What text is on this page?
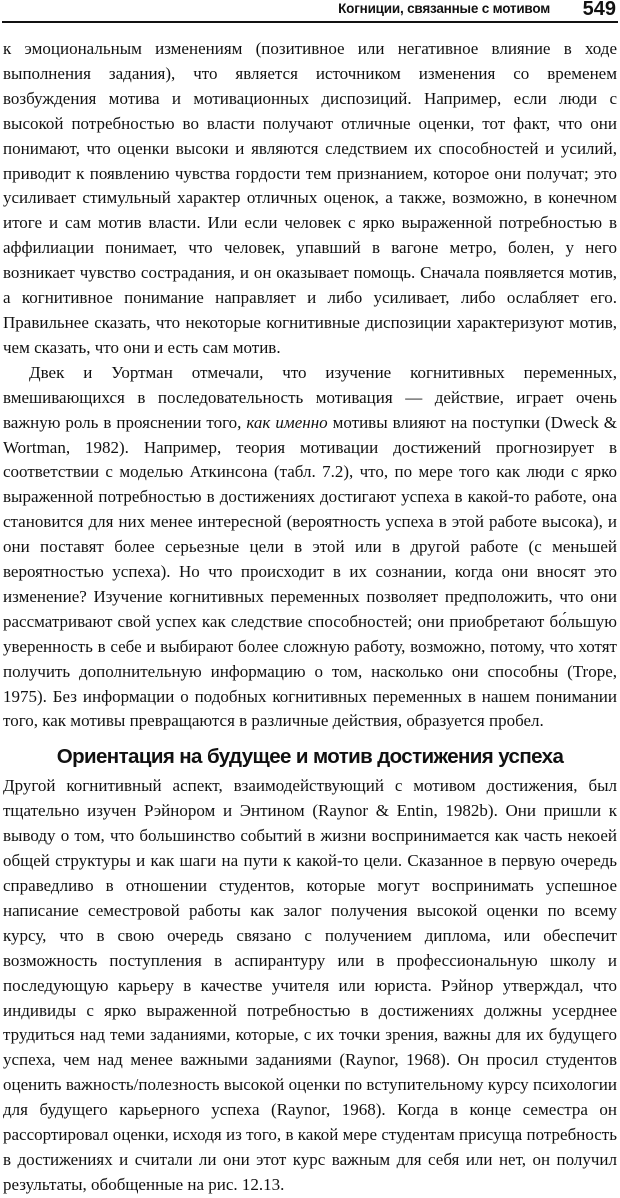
Когниции, связанные с мотивом 549

к эмоциональным изменениям (позитивное или негативное влияние в ходе выполнения задания), что является источником изменения со временем возбуждения мотива и мотивационных диспозиций. Например, если люди с высокой потребностью во власти получают отличные оценки, тот факт, что они понимают, что оценки высоки и являются следствием их способностей и усилий, приводит к появлению чувства гордости тем признанием, которое они получат; это усиливает стимульный характер отличных оценок, а также, возможно, в конечном итоге и сам мотив власти. Или если человек с ярко выраженной потребностью в аффилиации понимает, что человек, упавший в вагоне метро, болен, у него возникает чувство сострадания, и он оказывает помощь. Сначала появляется мотив, а когнитивное понимание направляет и либо усиливает, либо ослабляет его. Правильнее сказать, что некоторые когнитивные диспозиции характеризуют мотив, чем сказать, что они и есть сам мотив.

Двек и Уортман отмечали, что изучение когнитивных переменных, вмешивающихся в последовательность мотивация — действие, играет очень важную роль в прояснении того, как именно мотивы влияют на поступки (Dweck & Wortman, 1982). Например, теория мотивации достижений прогнозирует в соответствии с моделью Аткинсона (табл. 7.2), что, по мере того как люди с ярко выраженной потребностью в достижениях достигают успеха в какой-то работе, она становится для них менее интересной (вероятность успеха в этой работе высока), и они поставят более серьезные цели в этой или в другой работе (с меньшей вероятностью успеха). Но что происходит в их сознании, когда они вносят это изменение? Изучение когнитивных переменных позволяет предположить, что они рассматривают свой успех как следствие способностей; они приобретают бо́льшую уверенность в себе и выбирают более сложную работу, возможно, потому, что хотят получить дополнительную информацию о том, насколько они способны (Trope, 1975). Без информации о подобных когнитивных переменных в нашем понимании того, как мотивы превращаются в различные действия, образуется пробел.

Ориентация на будущее и мотив достижения успеха

Другой когнитивный аспект, взаимодействующий с мотивом достижения, был тщательно изучен Рэйнором и Энтином (Raynor & Entin, 1982b). Они пришли к выводу о том, что большинство событий в жизни воспринимается как часть некоей общей структуры и как шаги на пути к какой-то цели. Сказанное в первую очередь справедливо в отношении студентов, которые могут воспринимать успешное написание семестровой работы как залог получения высокой оценки по всему курсу, что в свою очередь связано с получением диплома, или обеспечит возможность поступления в аспирантуру или в профессиональную школу и последующую карьеру в качестве учителя или юриста. Рэйнор утверждал, что индивиды с ярко выраженной потребностью в достижениях должны усерднее трудиться над теми заданиями, которые, с их точки зрения, важны для их будущего успеха, чем над менее важными заданиями (Raynor, 1968). Он просил студентов оценить важность/полезность высокой оценки по вступительному курсу психологии для будущего карьерного успеха (Raynor, 1968). Когда в конце семестра он рассортировал оценки, исходя из того, в какой мере студентам присуща потребность в достижениях и считали ли они этот курс важным для себя или нет, он получил результаты, обобщенные на рис. 12.13.
